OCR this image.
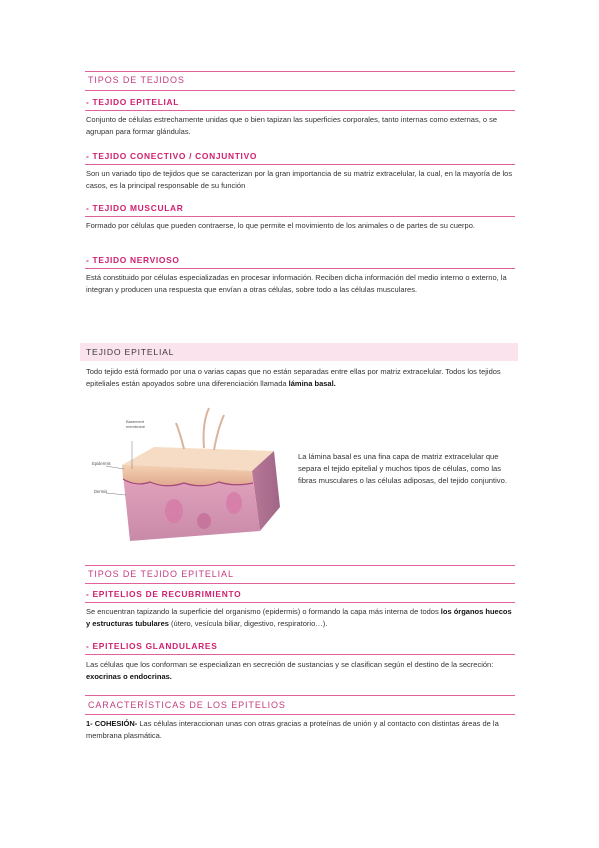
TIPOS DE TEJIDOS
- TEJIDO EPITELIAL
Conjunto de células estrechamente unidas que o bien tapizan las superficies corporales, tanto internas como externas, o se agrupan para formar glándulas.
- TEJIDO CONECTIVO / CONJUNTIVO
Son un variado tipo de tejidos que se caracterizan por la gran importancia de su matriz extracelular, la cual, en la mayoría de los casos, es la principal responsable de su función
- TEJIDO MUSCULAR
Formado por células que pueden contraerse, lo que permite el movimiento de los animales o de partes de su cuerpo.
- TEJIDO NERVIOSO
Está constituido por células especializadas en procesar información. Reciben dicha información del medio interno o externo, la integran y producen una respuesta que envían a otras células, sobre todo a las células musculares.
TEJIDO EPITELIAL
Todo tejido está formado por una o varias capas que no están separadas entre ellas por matriz extracelular. Todos los tejidos epiteliales están apoyados sobre una diferenciación llamada lámina basal.
Basement membrane
Epidermis
Dermis
La lámina basal es una fina capa de matriz extracelular que separa el tejido epitelial y muchos tipos de células, como las fibras musculares o las células adiposas, del tejido conjuntivo.
TIPOS DE TEJIDO EPITELIAL
- EPITELIOS DE RECUBRIMIENTO
Se encuentran tapizando la superficie del organismo (epidermis) o formando la capa más interna de todos los órganos huecos y estructuras tubulares (útero, vesícula biliar, digestivo, respiratorio…).
- EPITELIOS GLANDULARES
Las células que los conforman se especializan en secreción de sustancias y se clasifican según el destino de la secreción: exocrinas o endocrinas.
CARACTERÍSTICAS DE LOS EPITELIOS
1- COHESIÓN- Las células interaccionan unas con otras gracias a proteínas de unión y al contacto con distintas áreas de la membrana plasmática.
